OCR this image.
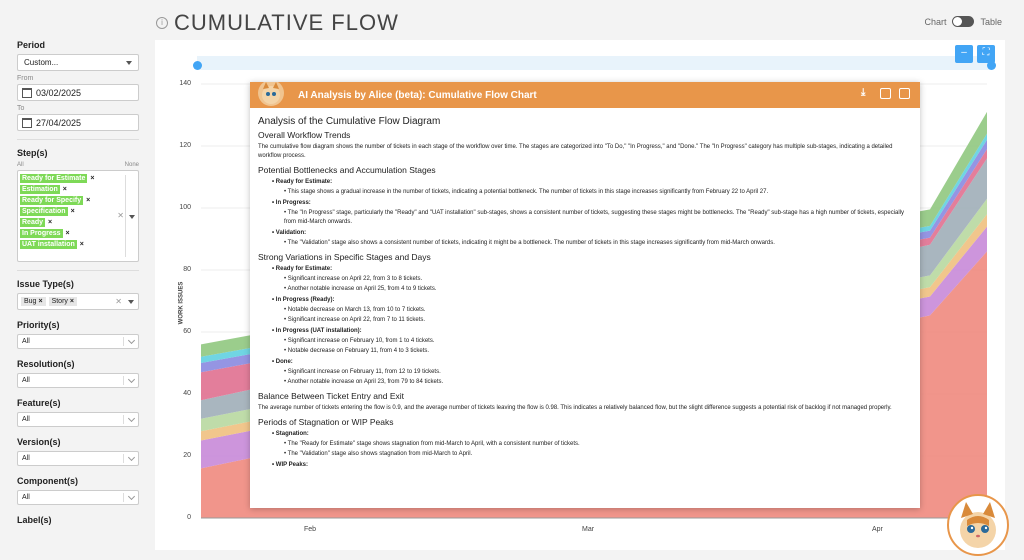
i CUMULATIVE FLOW	Chart	Table
Period
Custom...
From
03/02/2025
To
27/04/2025
Step(s)
All	None
Ready for Estimate ×
Estimation ×
Ready for Specify ×
Specification ×
Ready ×
In Progress ×
UAT installation ×
✕
Issue Type(s)
Bug ×	Story ×	✕
Priority(s)
All
Resolution(s)
All
Feature(s)
All
Version(s)
All
Component(s)
All
Label(s)
–	⛶
WORK ISSUES
140
120
100
80
60
40
20
0
Feb	Mar	Apr
AI Analysis by Alice (beta): Cumulative Flow Chart	⤓
Analysis of the Cumulative Flow Diagram
Overall Workflow Trends
The cumulative flow diagram shows the number of tickets in each stage of the workflow over time. The stages are categorized into "To Do," "In Progress," and "Done." The "In Progress" category has multiple sub-stages, indicating a detailed workflow process.
Potential Bottlenecks and Accumulation Stages
• Ready for Estimate:
• This stage shows a gradual increase in the number of tickets, indicating a potential bottleneck. The number of tickets in this stage increases significantly from February 22 to April 27.
• In Progress:
• The "In Progress" stage, particularly the "Ready" and "UAT installation" sub-stages, shows a consistent number of tickets, suggesting these stages might be bottlenecks. The "Ready" sub-stage has a high number of tickets, especially from mid-March onwards.
• Validation:
• The "Validation" stage also shows a consistent number of tickets, indicating it might be a bottleneck. The number of tickets in this stage increases significantly from mid-March onwards.
Strong Variations in Specific Stages and Days
• Ready for Estimate:
• Significant increase on April 22, from 3 to 8 tickets.
• Another notable increase on April 25, from 4 to 9 tickets.
• In Progress (Ready):
• Notable decrease on March 13, from 10 to 7 tickets.
• Significant increase on April 22, from 7 to 11 tickets.
• In Progress (UAT installation):
• Significant increase on February 10, from 1 to 4 tickets.
• Notable decrease on February 11, from 4 to 3 tickets.
• Done:
• Significant increase on February 11, from 12 to 19 tickets.
• Another notable increase on April 23, from 79 to 84 tickets.
Balance Between Ticket Entry and Exit
The average number of tickets entering the flow is 0.9, and the average number of tickets leaving the flow is 0.98. This indicates a relatively balanced flow, but the slight difference suggests a potential risk of backlog if not managed properly.
Periods of Stagnation or WIP Peaks
• Stagnation:
• The "Ready for Estimate" stage shows stagnation from mid-March to April, with a consistent number of tickets.
• The "Validation" stage also shows stagnation from mid-March to April.
• WIP Peaks:
